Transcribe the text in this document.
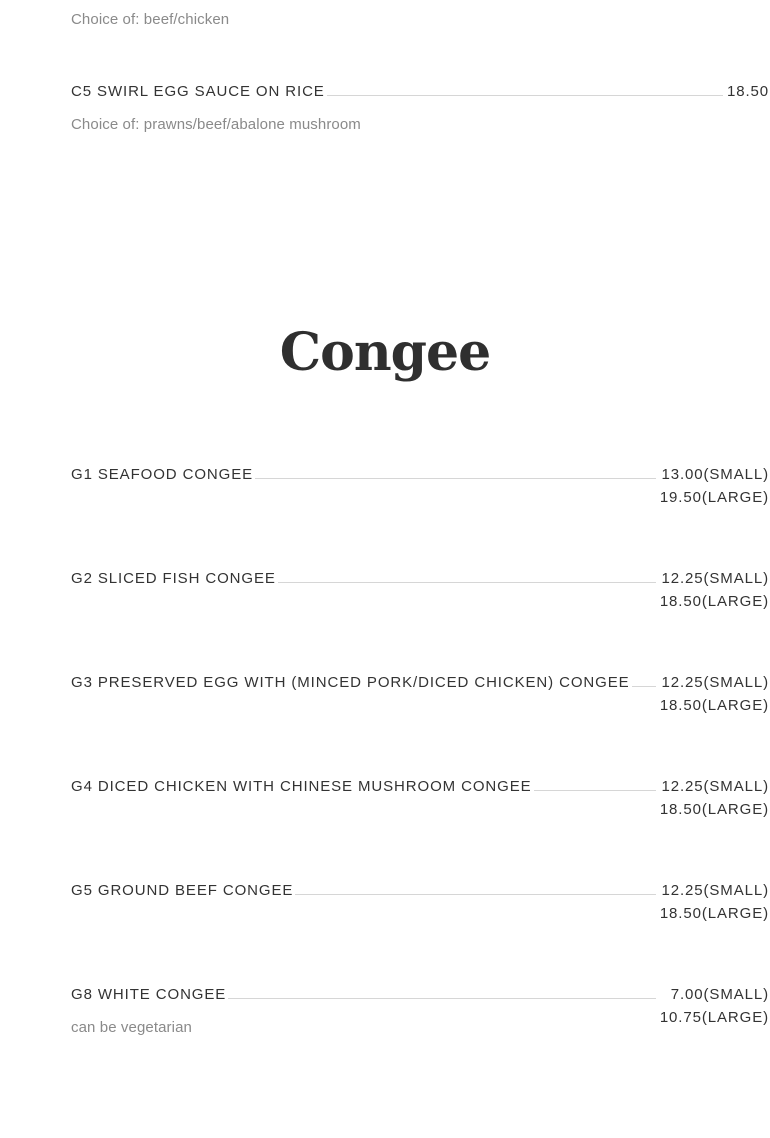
Choice of: beef/chicken
C5 SWIRL EGG SAUCE ON RICE	18.50
Choice of: prawns/beef/abalone mushroom
Congee
G1 SEAFOOD CONGEE	13.00(SMALL)
19.50(LARGE)
G2 SLICED FISH CONGEE	12.25(SMALL)
18.50(LARGE)
G3 PRESERVED EGG WITH (MINCED PORK/DICED CHICKEN) CONGEE 12.25(SMALL)
18.50(LARGE)
G4 DICED CHICKEN WITH CHINESE MUSHROOM CONGEE	12.25(SMALL)
18.50(LARGE)
G5 GROUND BEEF CONGEE	12.25(SMALL)
18.50(LARGE)
G8 WHITE CONGEE	7.00(SMALL)
10.75(LARGE)
can be vegetarian
